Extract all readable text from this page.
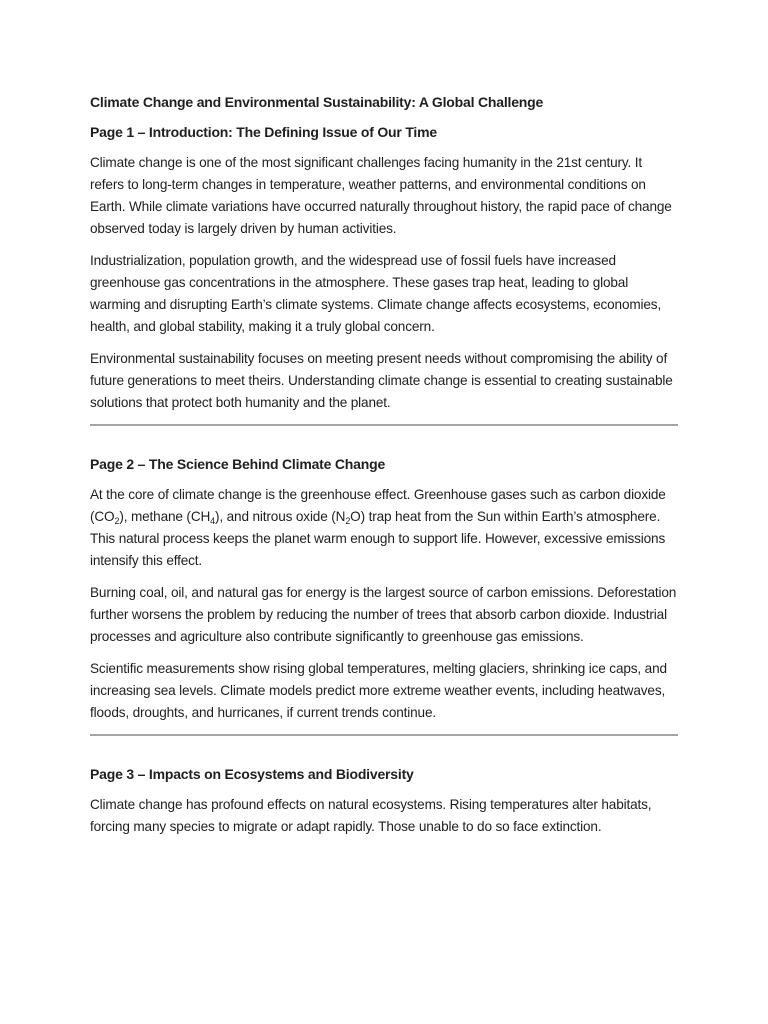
Climate Change and Environmental Sustainability: A Global Challenge
Page 1 – Introduction: The Defining Issue of Our Time

Climate change is one of the most significant challenges facing humanity in the 21st century. It refers to long-term changes in temperature, weather patterns, and environmental conditions on Earth. While climate variations have occurred naturally throughout history, the rapid pace of change observed today is largely driven by human activities.

Industrialization, population growth, and the widespread use of fossil fuels have increased greenhouse gas concentrations in the atmosphere. These gases trap heat, leading to global warming and disrupting Earth’s climate systems. Climate change affects ecosystems, economies, health, and global stability, making it a truly global concern.

Environmental sustainability focuses on meeting present needs without compromising the ability of future generations to meet theirs. Understanding climate change is essential to creating sustainable solutions that protect both humanity and the planet.

Page 2 – The Science Behind Climate Change

At the core of climate change is the greenhouse effect. Greenhouse gases such as carbon dioxide $(CO_2)$, methane $(CH_4)$, and nitrous oxide $(N_2O)$ trap heat from the Sun within Earth’s atmosphere. This natural process keeps the planet warm enough to support life. However, excessive emissions intensify this effect.

Burning coal, oil, and natural gas for energy is the largest source of carbon emissions. Deforestation further worsens the problem by reducing the number of trees that absorb carbon dioxide. Industrial processes and agriculture also contribute significantly to greenhouse gas emissions.

Scientific measurements show rising global temperatures, melting glaciers, shrinking ice caps, and increasing sea levels. Climate models predict more extreme weather events, including heatwaves, floods, droughts, and hurricanes, if current trends continue.

Page 3 – Impacts on Ecosystems and Biodiversity

Climate change has profound effects on natural ecosystems. Rising temperatures alter habitats, forcing many species to migrate or adapt rapidly. Those unable to do so face extinction.
